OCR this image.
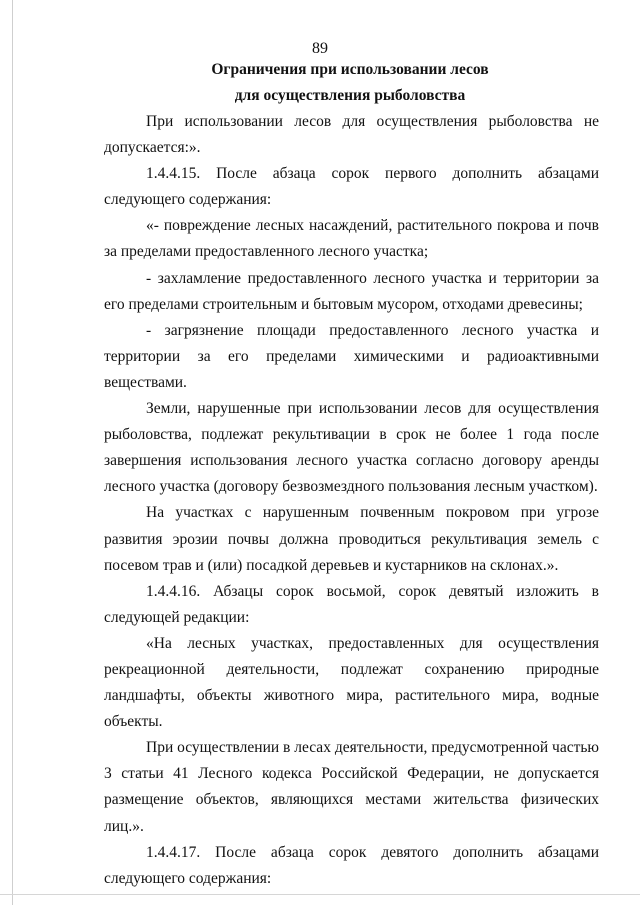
89
Ограничения при использовании лесов
для осуществления рыболовства

При использовании лесов для осуществления рыболовства не допускается:».

1.4.4.15. После абзаца сорок первого дополнить абзацами следующего содержания:

«- повреждение лесных насаждений, растительного покрова и почв за пределами предоставленного лесного участка;

- захламление предоставленного лесного участка и территории за его пределами строительным и бытовым мусором, отходами древесины;

- загрязнение площади предоставленного лесного участка и территории за его пределами химическими и радиоактивными веществами.

Земли, нарушенные при использовании лесов для осуществления рыболовства, подлежат рекультивации в срок не более 1 года после завершения использования лесного участка согласно договору аренды лесного участка (договору безвозмездного пользования лесным участком).

На участках с нарушенным почвенным покровом при угрозе развития эрозии почвы должна проводиться рекультивация земель с посевом трав и (или) посадкой деревьев и кустарников на склонах.».

1.4.4.16. Абзацы сорок восьмой, сорок девятый изложить в следующей редакции:

«На лесных участках, предоставленных для осуществления рекреационной деятельности, подлежат сохранению природные ландшафты, объекты животного мира, растительного мира, водные объекты.

При осуществлении в лесах деятельности, предусмотренной частью 3 статьи 41 Лесного кодекса Российской Федерации, не допускается размещение объектов, являющихся местами жительства физических лиц.».

1.4.4.17. После абзаца сорок девятого дополнить абзацами следующего содержания:
